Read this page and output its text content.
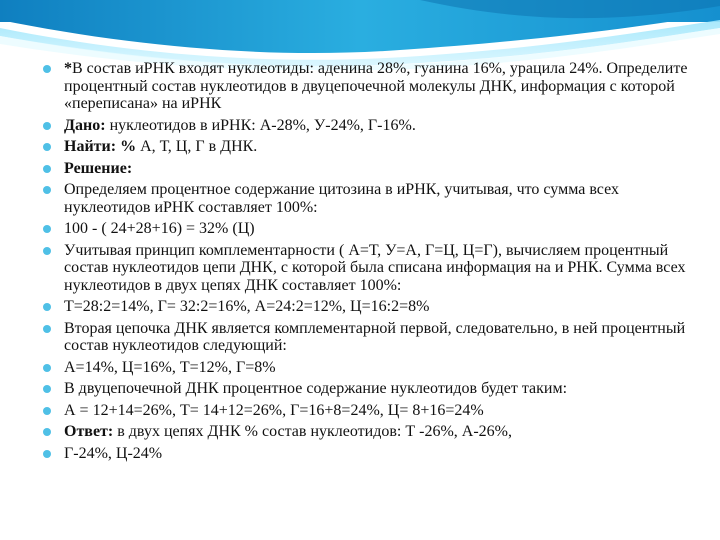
*В состав иРНК входят нуклеотиды: аденина 28%, гуанина 16%, урацила 24%. Определите процентный состав нуклеотидов в двуцепочечной молекулы ДНК, информация с которой «переписана» на иРНК
Дано: нуклеотидов в иРНК: А-28%, У-24%, Г-16%.
Найти: % А, Т, Ц, Г в ДНК.
Решение:
Определяем процентное содержание цитозина в иРНК, учитывая, что сумма всех нуклеотидов иРНК составляет 100%:
100 - ( 24+28+16) = 32% (Ц)
Учитывая принцип комплементарности ( А=Т, У=А, Г=Ц, Ц=Г), вычисляем процентный состав нуклеотидов цепи ДНК, с которой была списана информация на и РНК. Сумма всех нуклеотидов в двух цепях ДНК составляет 100%:
Т=28:2=14%, Г= 32:2=16%, А=24:2=12%, Ц=16:2=8%
Вторая цепочка ДНК является комплементарной первой, следовательно, в ней процентный состав нуклеотидов следующий:
А=14%, Ц=16%, Т=12%, Г=8%
В двуцепочечной ДНК процентное содержание нуклеотидов будет таким:
А = 12+14=26%, Т= 14+12=26%, Г=16+8=24%, Ц= 8+16=24%
Ответ: в двух цепях ДНК % состав нуклеотидов: Т -26%, А-26%,
Г-24%, Ц-24%
